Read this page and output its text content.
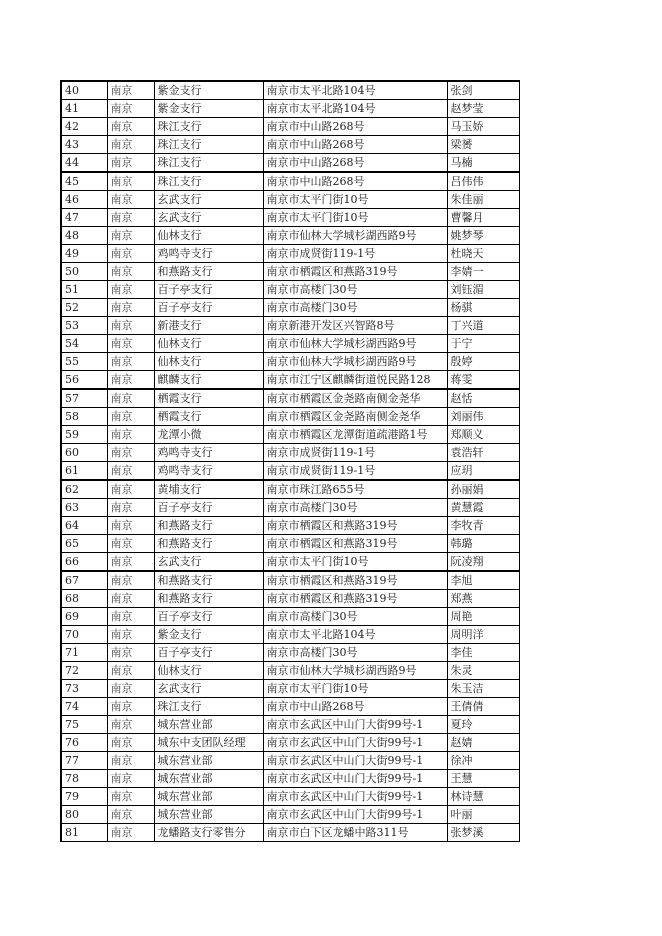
40	南京	紫金支行	南京市太平北路104号	张剑
41	南京	紫金支行	南京市太平北路104号	赵梦莹
42	南京	珠江支行	南京市中山路268号	马玉娇
43	南京	珠江支行	南京市中山路268号	梁赟
44	南京	珠江支行	南京市中山路268号	马楠
45	南京	珠江支行	南京市中山路268号	吕伟伟
46	南京	玄武支行	南京市太平门街10号	朱佳丽
47	南京	玄武支行	南京市太平门街10号	曹馨月
48	南京	仙林支行	南京市仙林大学城杉湖西路9号	姚梦琴
49	南京	鸡鸣寺支行	南京市成贤街119-1号	杜晓天
50	南京	和燕路支行	南京市栖霞区和燕路319号	李婧一
51	南京	百子亭支行	南京市高楼门30号	刘钰湄
52	南京	百子亭支行	南京市高楼门30号	杨骐
53	南京	新港支行	南京新港开发区兴智路8号	丁兴道
54	南京	仙林支行	南京市仙林大学城杉湖西路9号	于宁
55	南京	仙林支行	南京市仙林大学城杉湖西路9号	殷婷
56	南京	麒麟支行	南京市江宁区麒麟街道悦民路128	蒋雯
57	南京	栖霞支行	南京市栖霞区金尧路南侧金尧华	赵恬
58	南京	栖霞支行	南京市栖霞区金尧路南侧金尧华	刘丽伟
59	南京	龙潭小微	南京市栖霞区龙潭街道疏港路1号	郑顺义
60	南京	鸡鸣寺支行	南京市成贤街119-1号	袁浩轩
61	南京	鸡鸣寺支行	南京市成贤街119-1号	应玥
62	南京	黄埔支行	南京市珠江路655号	孙丽娟
63	南京	百子亭支行	南京市高楼门30号	黄慧霞
64	南京	和燕路支行	南京市栖霞区和燕路319号	李牧青
65	南京	和燕路支行	南京市栖霞区和燕路319号	韩璐
66	南京	玄武支行	南京市太平门街10号	阮凌翔
67	南京	和燕路支行	南京市栖霞区和燕路319号	李旭
68	南京	和燕路支行	南京市栖霞区和燕路319号	郑燕
69	南京	百子亭支行	南京市高楼门30号	周艳
70	南京	紫金支行	南京市太平北路104号	周明洋
71	南京	百子亭支行	南京市高楼门30号	李佳
72	南京	仙林支行	南京市仙林大学城杉湖西路9号	朱灵
73	南京	玄武支行	南京市太平门街10号	朱玉洁
74	南京	珠江支行	南京市中山路268号	王倩倩
75	南京	城东营业部	南京市玄武区中山门大街99号-1	夏玲
76	南京	城东中支团队经理	南京市玄武区中山门大街99号-1	赵婧
77	南京	城东营业部	南京市玄武区中山门大街99号-1	徐冲
78	南京	城东营业部	南京市玄武区中山门大街99号-1	王慧
79	南京	城东营业部	南京市玄武区中山门大街99号-1	林诗慧
80	南京	城东营业部	南京市玄武区中山门大街99号-1	叶丽
81	南京	龙蟠路支行零售分	南京市白下区龙蟠中路311号	张梦溪
